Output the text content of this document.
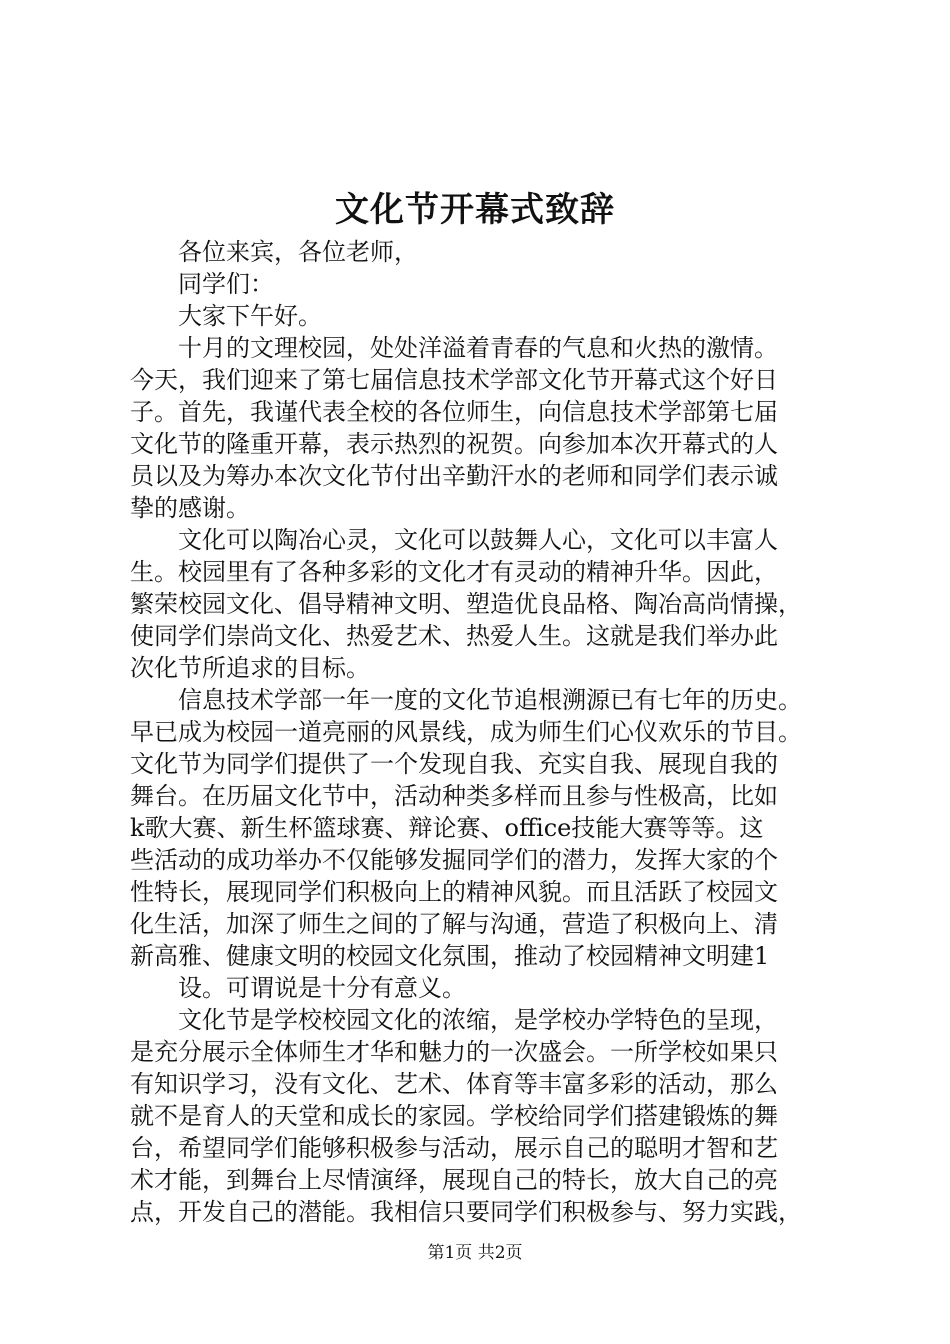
文化节开幕式致辞
各位来宾，各位老师，
同学们：
大家下午好。
十月的文理校园，处处洋溢着青春的气息和火热的激情。
今天，我们迎来了第七届信息技术学部文化节开幕式这个好日
子。首先，我谨代表全校的各位师生，向信息技术学部第七届
文化节的隆重开幕，表示热烈的祝贺。向参加本次开幕式的人
员以及为筹办本次文化节付出辛勤汗水的老师和同学们表示诚
挚的感谢。
文化可以陶冶心灵，文化可以鼓舞人心，文化可以丰富人
生。校园里有了各种多彩的文化才有灵动的精神升华。因此，
繁荣校园文化、倡导精神文明、塑造优良品格、陶冶高尚情操，
使同学们崇尚文化、热爱艺术、热爱人生。这就是我们举办此
次化节所追求的目标。
信息技术学部一年一度的文化节追根溯源已有七年的历史。
早已成为校园一道亮丽的风景线，成为师生们心仪欢乐的节目。
文化节为同学们提供了一个发现自我、充实自我、展现自我的
舞台。在历届文化节中，活动种类多样而且参与性极高，比如
k歌大赛、新生杯篮球赛、辩论赛、office技能大赛等等。这
些活动的成功举办不仅能够发掘同学们的潜力，发挥大家的个
性特长，展现同学们积极向上的精神风貌。而且活跃了校园文
化生活，加深了师生之间的了解与沟通，营造了积极向上、清
新高雅、健康文明的校园文化氛围，推动了校园精神文明建1
设。可谓说是十分有意义。
文化节是学校校园文化的浓缩，是学校办学特色的呈现，
是充分展示全体师生才华和魅力的一次盛会。一所学校如果只
有知识学习，没有文化、艺术、体育等丰富多彩的活动，那么
就不是育人的天堂和成长的家园。学校给同学们搭建锻炼的舞
台，希望同学们能够积极参与活动，展示自己的聪明才智和艺
术才能，到舞台上尽情演绎，展现自己的特长，放大自己的亮
点，开发自己的潜能。我相信只要同学们积极参与、努力实践，
第1页 共2页
